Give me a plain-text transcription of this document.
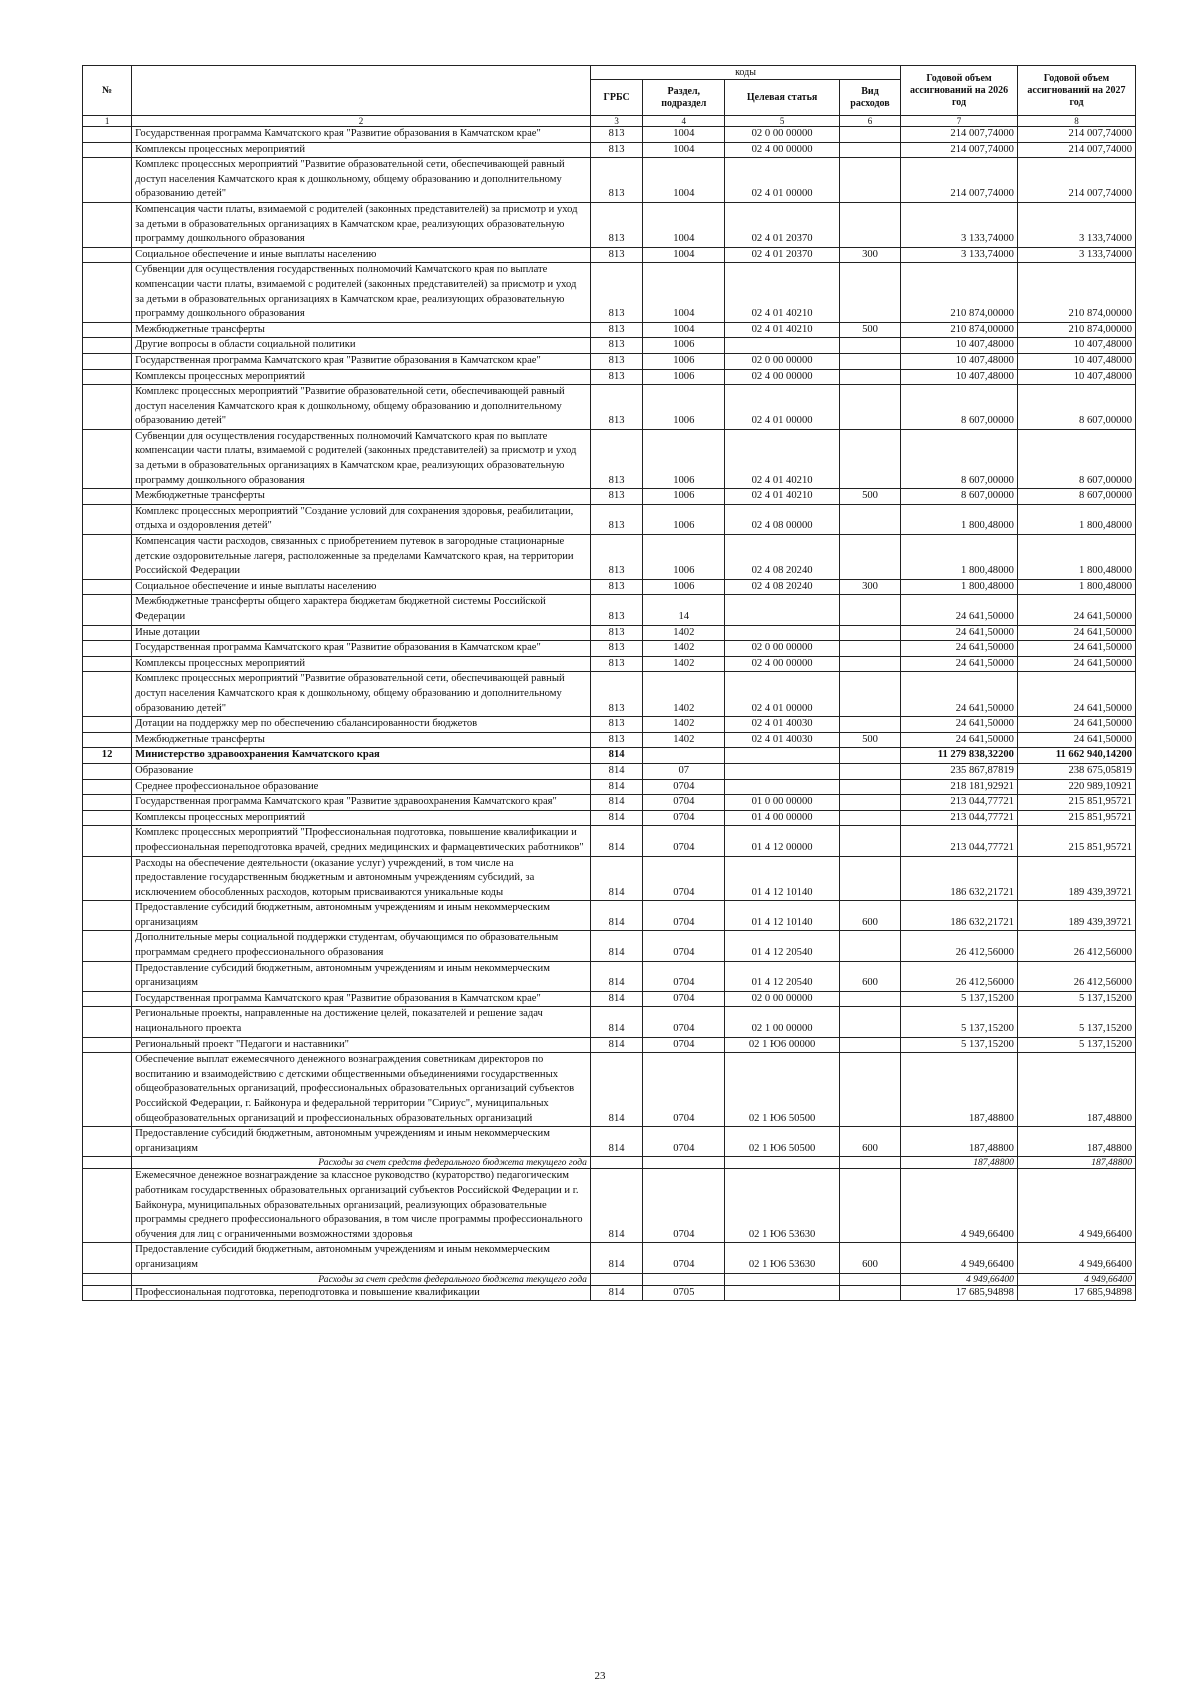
№		коды				Годовой объем ассигнований на 2026 год	Годовой объем ассигнований на 2027 год
		ГРБС	Раздел, подраздел	Целевая статья	Вид расходов		
1	2	3	4	5	6	7	8
	Государственная программа Камчатского края "Развитие образования в Камчатском крае"	813	1004	02 0 00 00000		214 007,74000	214 007,74000
	Комплексы процессных мероприятий	813	1004	02 4 00 00000		214 007,74000	214 007,74000
	Комплекс процессных мероприятий "Развитие образовательной сети, обеспечивающей равный доступ населения Камчатского края к дошкольному, общему образованию и дополнительному образованию детей"	813	1004	02 4 01 00000		214 007,74000	214 007,74000
	Компенсация части платы, взимаемой с родителей (законных представителей) за присмотр и уход за детьми в образовательных организациях в Камчатском крае, реализующих образовательную программу дошкольного образования	813	1004	02 4 01 20370		3 133,74000	3 133,74000
	Социальное обеспечение и иные выплаты населению	813	1004	02 4 01 20370	300	3 133,74000	3 133,74000
	Субвенции для осуществления государственных полномочий Камчатского края по выплате компенсации части платы, взимаемой с родителей (законных представителей) за присмотр и уход за детьми в образовательных организациях в Камчатском крае, реализующих образовательную программу дошкольного образования	813	1004	02 4 01 40210		210 874,00000	210 874,00000
	Межбюджетные трансферты	813	1004	02 4 01 40210	500	210 874,00000	210 874,00000
	Другие вопросы в области социальной политики	813	1006			10 407,48000	10 407,48000
	Государственная программа Камчатского края "Развитие образования в Камчатском крае"	813	1006	02 0 00 00000		10 407,48000	10 407,48000
	Комплексы процессных мероприятий	813	1006	02 4 00 00000		10 407,48000	10 407,48000
	Комплекс процессных мероприятий "Развитие образовательной сети, обеспечивающей равный доступ населения Камчатского края к дошкольному, общему образованию и дополнительному образованию детей"	813	1006	02 4 01 00000		8 607,00000	8 607,00000
	Субвенции для осуществления государственных полномочий Камчатского края по выплате компенсации части платы, взимаемой с родителей (законных представителей) за присмотр и уход за детьми в образовательных организациях в Камчатском крае, реализующих образовательную программу дошкольного образования	813	1006	02 4 01 40210		8 607,00000	8 607,00000
	Межбюджетные трансферты	813	1006	02 4 01 40210	500	8 607,00000	8 607,00000
	Комплекс процессных мероприятий "Создание условий для сохранения здоровья, реабилитации, отдыха и оздоровления детей"	813	1006	02 4 08 00000		1 800,48000	1 800,48000
	Компенсация части расходов, связанных с приобретением путевок в загородные стационарные детские оздоровительные лагеря, расположенные за пределами Камчатского края, на территории Российской Федерации	813	1006	02 4 08 20240		1 800,48000	1 800,48000
	Социальное обеспечение и иные выплаты населению	813	1006	02 4 08 20240	300	1 800,48000	1 800,48000
	Межбюджетные трансферты общего характера бюджетам бюджетной системы Российской Федерации	813	14			24 641,50000	24 641,50000
	Иные дотации	813	1402			24 641,50000	24 641,50000
	Государственная программа Камчатского края "Развитие образования в Камчатском крае"	813	1402	02 0 00 00000		24 641,50000	24 641,50000
	Комплексы процессных мероприятий	813	1402	02 4 00 00000		24 641,50000	24 641,50000
	Комплекс процессных мероприятий "Развитие образовательной сети, обеспечивающей равный доступ населения Камчатского края к дошкольному, общему образованию и дополнительному образованию детей"	813	1402	02 4 01 00000		24 641,50000	24 641,50000
	Дотации на поддержку мер по обеспечению сбалансированности бюджетов	813	1402	02 4 01 40030		24 641,50000	24 641,50000
	Межбюджетные трансферты	813	1402	02 4 01 40030	500	24 641,50000	24 641,50000
12	Министерство здравоохранения Камчатского края	814				11 279 838,32200	11 662 940,14200
	Образование	814	07			235 867,87819	238 675,05819
	Среднее профессиональное образование	814	0704			218 181,92921	220 989,10921
	Государственная программа Камчатского края "Развитие здравоохранения Камчатского края"	814	0704	01 0 00 00000		213 044,77721	215 851,95721
	Комплексы процессных мероприятий	814	0704	01 4 00 00000		213 044,77721	215 851,95721
	Комплекс процессных мероприятий "Профессиональная подготовка, повышение квалификации и профессиональная переподготовка врачей, средних медицинских и фармацевтических работников"	814	0704	01 4 12 00000		213 044,77721	215 851,95721
	Расходы на обеспечение деятельности (оказание услуг) учреждений, в том числе на предоставление государственным бюджетным и автономным учреждениям субсидий, за исключением обособленных расходов, которым присваиваются уникальные коды	814	0704	01 4 12 10140		186 632,21721	189 439,39721
	Предоставление субсидий бюджетным, автономным учреждениям и иным некоммерческим организациям	814	0704	01 4 12 10140	600	186 632,21721	189 439,39721
	Дополнительные меры социальной поддержки студентам, обучающимся по образовательным программам среднего профессионального образования	814	0704	01 4 12 20540		26 412,56000	26 412,56000
	Предоставление субсидий бюджетным, автономным учреждениям и иным некоммерческим организациям	814	0704	01 4 12 20540	600	26 412,56000	26 412,56000
	Государственная программа Камчатского края "Развитие образования в Камчатском крае"	814	0704	02 0 00 00000		5 137,15200	5 137,15200
	Региональные проекты, направленные на достижение целей, показателей и решение задач национального проекта	814	0704	02 1 00 00000		5 137,15200	5 137,15200
	Региональный проект "Педагоги и наставники"	814	0704	02 1 Ю6 00000		5 137,15200	5 137,15200
	Обеспечение выплат ежемесячного денежного вознаграждения советникам директоров по воспитанию и взаимодействию с детскими общественными объединениями государственных общеобразовательных организаций, профессиональных образовательных организаций субъектов Российской Федерации, г. Байконура и федеральной территории "Сириус", муниципальных общеобразовательных организаций и профессиональных образовательных организаций	814	0704	02 1 Ю6 50500		187,48800	187,48800
	Предоставление субсидий бюджетным, автономным учреждениям и иным некоммерческим организациям	814	0704	02 1 Ю6 50500	600	187,48800	187,48800
	Расходы за счет средств федерального бюджета текущего года					187,48800	187,48800
	Ежемесячное денежное вознаграждение за классное руководство (кураторство) педагогическим работникам государственных образовательных организаций субъектов Российской Федерации и г. Байконура, муниципальных образовательных организаций, реализующих образовательные программы среднего профессионального образования, в том числе программы профессионального обучения для лиц с ограниченными возможностями здоровья	814	0704	02 1 Ю6 53630		4 949,66400	4 949,66400
	Предоставление субсидий бюджетным, автономным учреждениям и иным некоммерческим организациям	814	0704	02 1 Ю6 53630	600	4 949,66400	4 949,66400
	Расходы за счет средств федерального бюджета текущего года					4 949,66400	4 949,66400
	Профессиональная подготовка, переподготовка и повышение квалификации	814	0705			17 685,94898	17 685,94898
23
